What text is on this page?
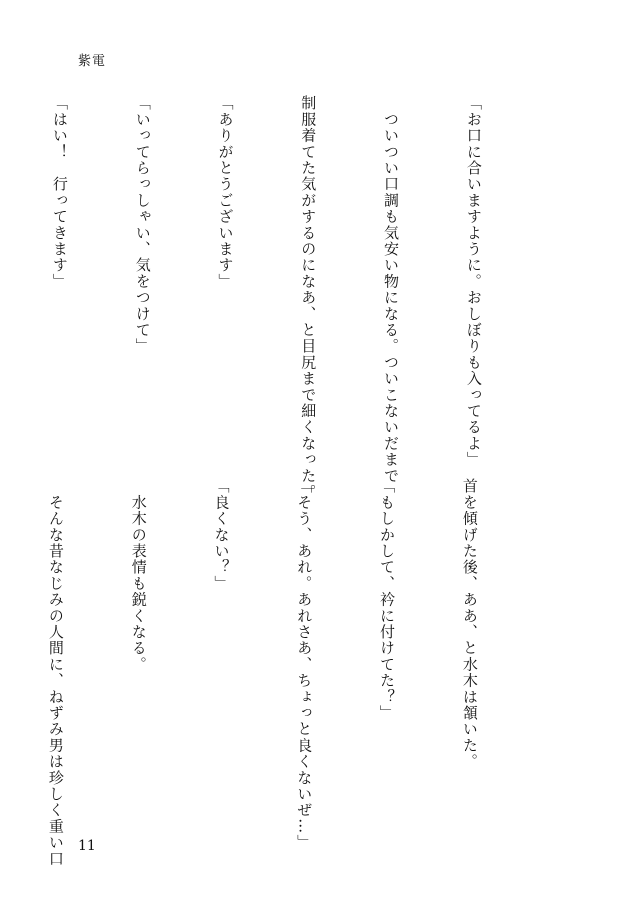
紫電

「お口に合いますように。おしぼりも入ってるよ」

　ついつい口調も気安い物になる。ついこないだまで

制服着てた気がするのになあ、と目尻まで細くなった。

「ありがとうございます」

「いってらっしゃい、気をつけて」

「はい！　行ってきます」

首を傾げた後、ああ、と水木は頷いた。

「もしかして、衿に付けてた？」

「そう、あれ。あれさあ、ちょっと良くないぜ…」

「良くない？」

　水木の表情も鋭くなる。

　そんな昔なじみの人間に、ねずみ男は珍しく重い口

11
